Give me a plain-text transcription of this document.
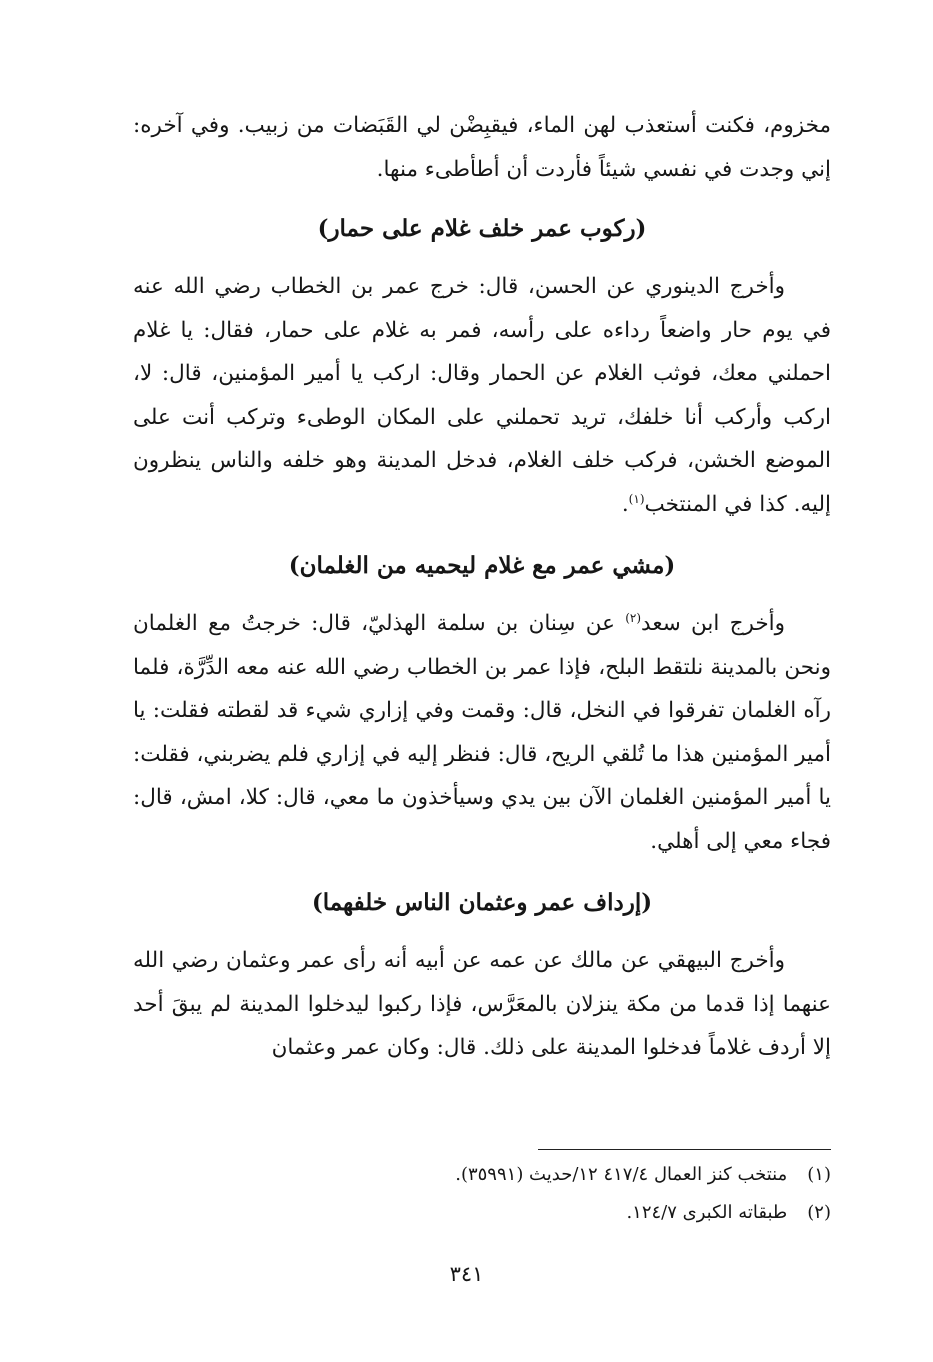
مخزوم، فكنت أستعذب لهن الماء، فيقبِضْن لي القَبَضات من زبيب. وفي آخره: إني وجدت في نفسي شيئاً فأردت أن أطأطىء منها.

(ركوب عمر خلف غلام على حمار)

وأخرج الدينوري عن الحسن، قال: خرج عمر بن الخطاب رضي الله عنه في يوم حار واضعاً رداءه على رأسه، فمر به غلام على حمار، فقال: يا غلام احملني معك، فوثب الغلام عن الحمار وقال: اركب يا أمير المؤمنين، قال: لا، اركب وأركب أنا خلفك، تريد تحملني على المكان الوطىء وتركب أنت على الموضع الخشن، فركب خلف الغلام، فدخل المدينة وهو خلفه والناس ينظرون إليه. كذا في المنتخب$^{(١)}$.

(مشي عمر مع غلام ليحميه من الغلمان)

وأخرج ابن سعد$^{(٢)}$ عن سِنان بن سلمة الهذليّ، قال: خرجتُ مع الغلمان ونحن بالمدينة نلتقط البلح، فإذا عمر بن الخطاب رضي الله عنه معه الدِّرَّة، فلما رآه الغلمان تفرقوا في النخل، قال: وقمت وفي إزاري شيء قد لقطته فقلت: يا أمير المؤمنين هذا ما تُلقي الريح، قال: فنظر إليه في إزاري فلم يضربني، فقلت: يا أمير المؤمنين الغلمان الآن بين يدي وسيأخذون ما معي، قال: كلا، امش، قال: فجاء معي إلى أهلي.

(إرداف عمر وعثمان الناس خلفهما)

وأخرج البيهقي عن مالك عن عمه عن أبيه أنه رأى عمر وعثمان رضي الله عنهما إذا قدما من مكة ينزلان بالمعَرَّس، فإذا ركبوا ليدخلوا المدينة لم يبقَ أحد إلا أردف غلاماً فدخلوا المدينة على ذلك. قال: وكان عمر وعثمان

(١) منتخب كنز العمال ٤١٧/٤ ١٢/حديث (٣٥٩٩١).

(٢) طبقاته الكبرى ١٢٤/٧.

٣٤١
